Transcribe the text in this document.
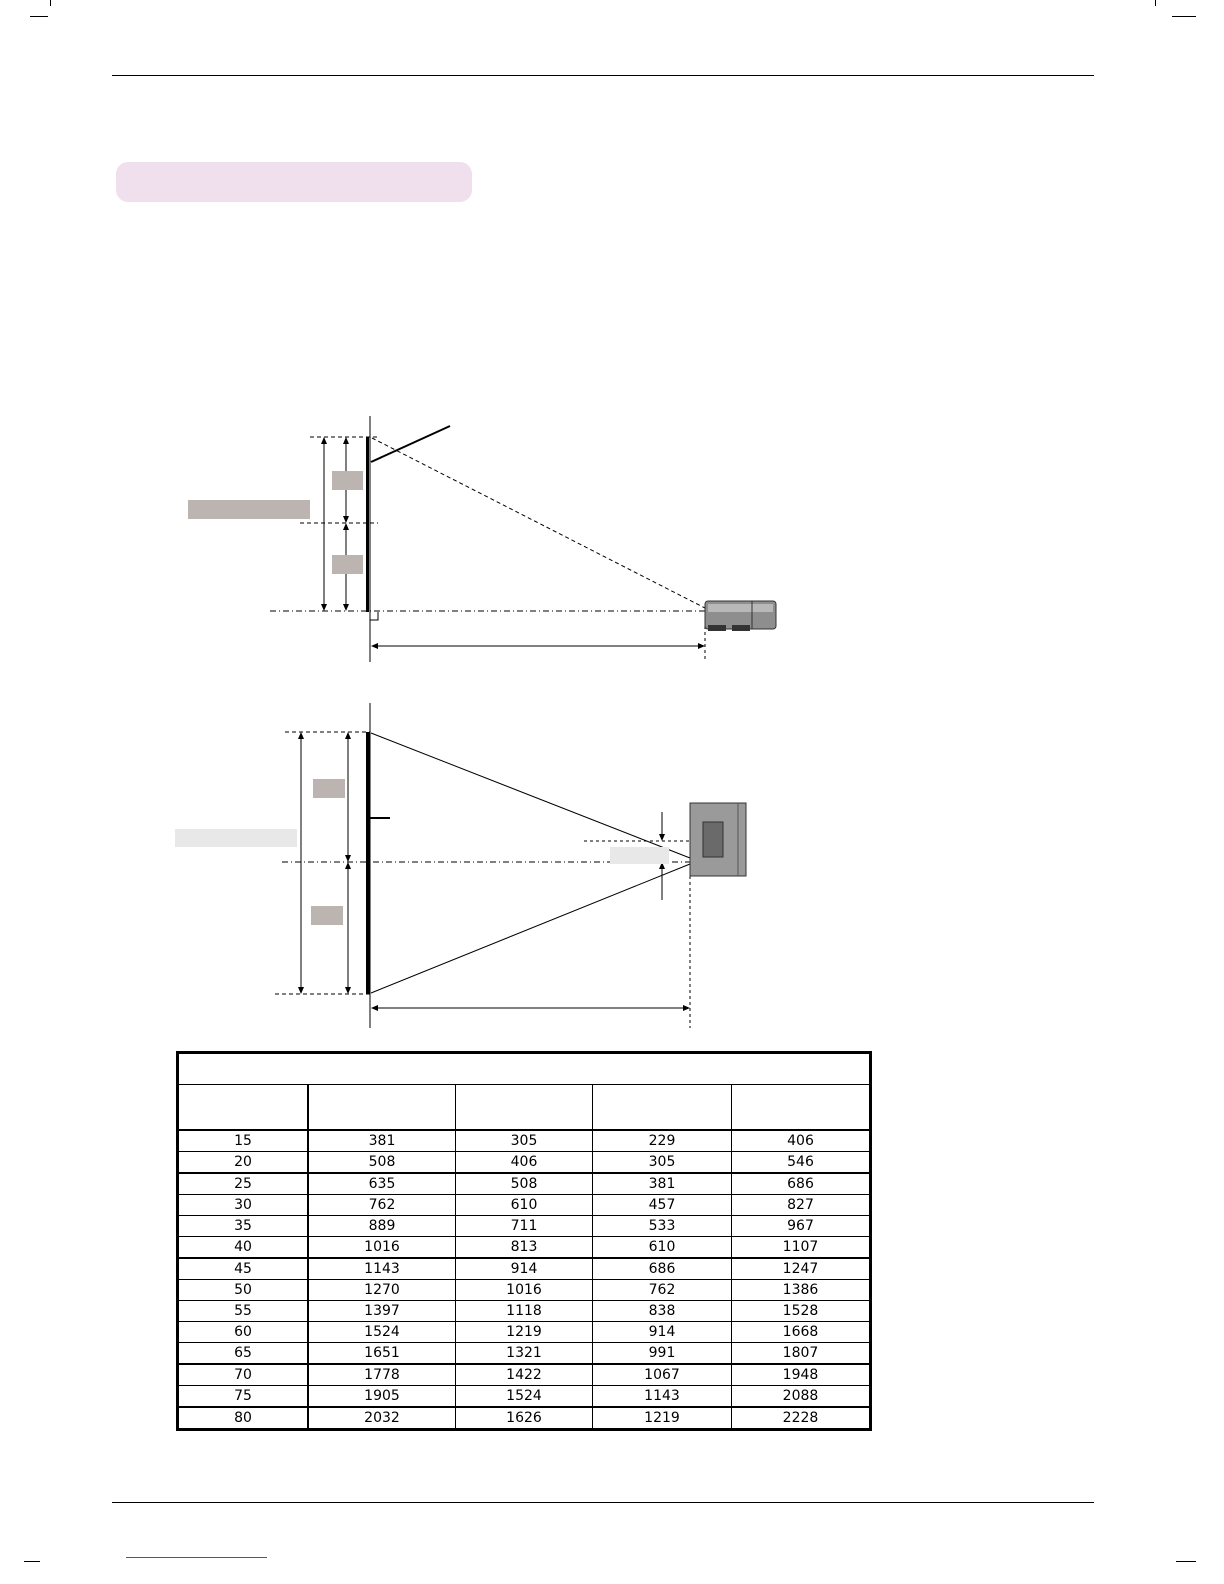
15	381	305	229	406
20	508	406	305	546
25	635	508	381	686
30	762	610	457	827
35	889	711	533	967
40	1016	813	610	1107
45	1143	914	686	1247
50	1270	1016	762	1386
55	1397	1118	838	1528
60	1524	1219	914	1668
65	1651	1321	991	1807
70	1778	1422	1067	1948
75	1905	1524	1143	2088
80	2032	1626	1219	2228
